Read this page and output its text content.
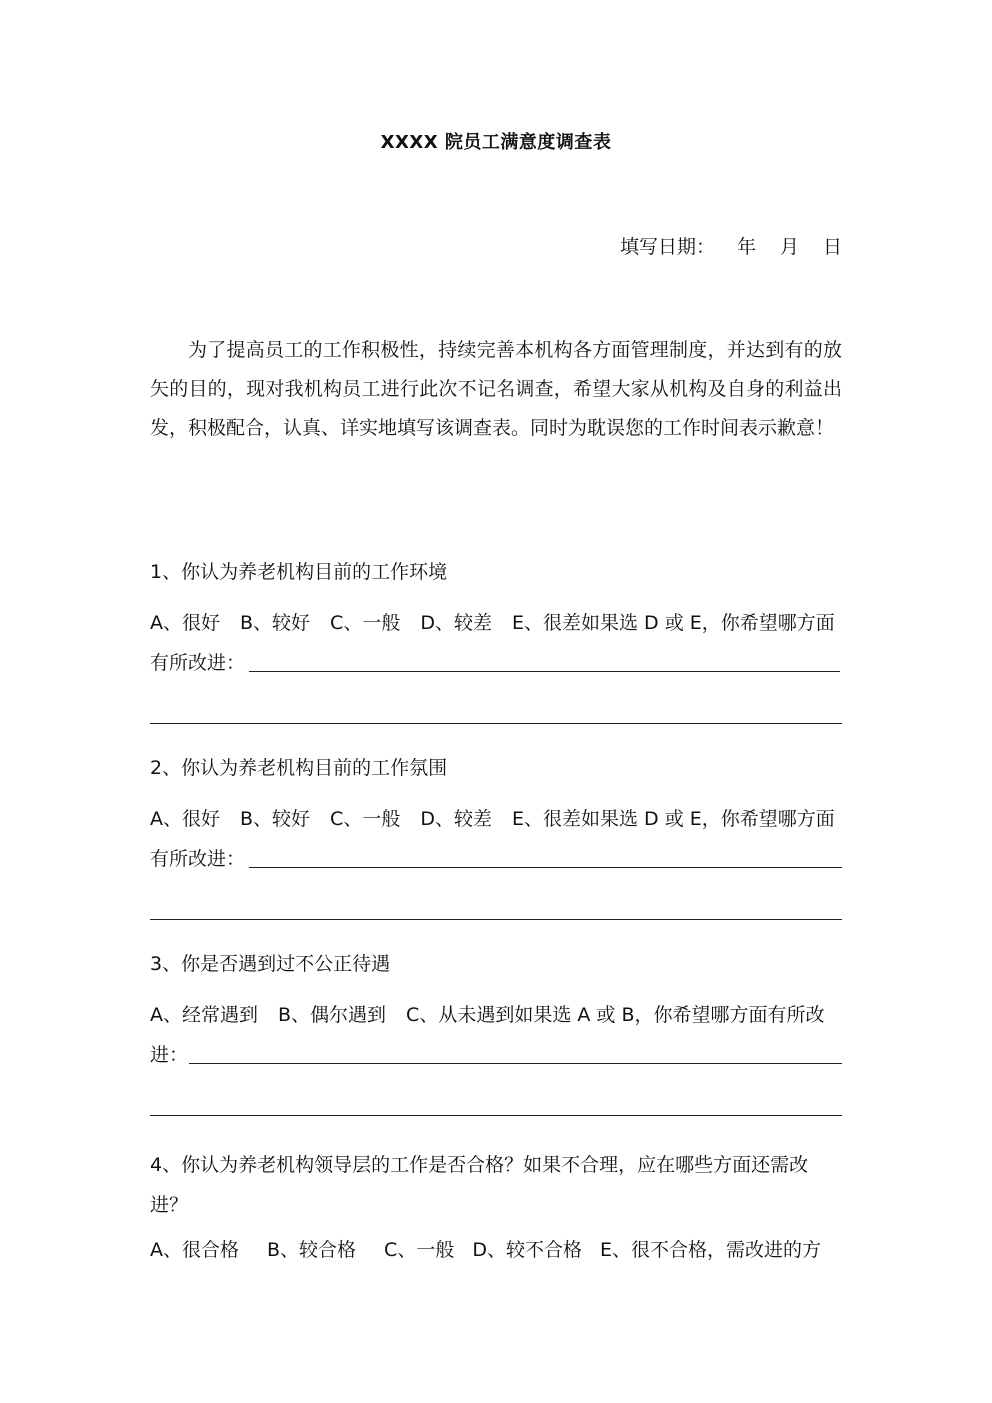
XXXX 院员工满意度调查表
填写日期： 年 月 日

为了提高员工的工作积极性，持续完善本机构各方面管理制度，并达到有的放矢的目的，现对我机构员工进行此次不记名调查，希望大家从机构及自身的利益出发，积极配合，认真、详实地填写该调查表。同时为耽误您的工作时间表示歉意！

1、你认为养老机构目前的工作环境

A、很好 B、较好 C、一般 D、较差 E、很差如果选 D 或 E，你希望哪方面

有所改进：

2、你认为养老机构目前的工作氛围

A、很好 B、较好 C、一般 D、较差 E、很差如果选 D 或 E，你希望哪方面

有所改进：

3、你是否遇到过不公正待遇

A、经常遇到 B、偶尔遇到 C、从未遇到如果选 A 或 B，你希望哪方面有所改

进：

4、你认为养老机构领导层的工作是否合格？如果不合理，应在哪些方面还需改进？

A、很合格 B、较合格 C、一般 D、较不合格 E、很不合格，需改进的方
